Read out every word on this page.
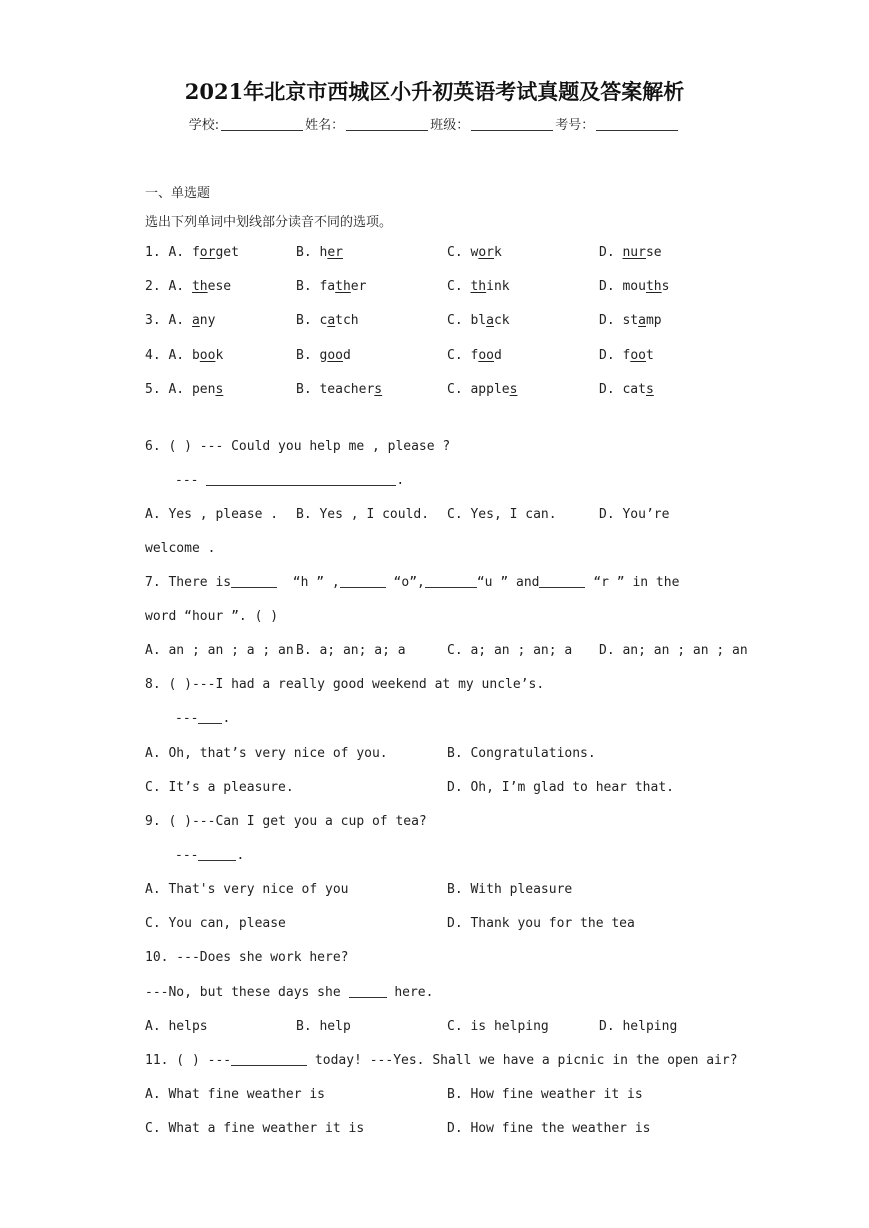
2021年北京市西城区小升初英语考试真题及答案解析
学校:	姓名：	班级：	考号：
一、单选题
选出下列单词中划线部分读音不同的选项。
1. A. forget	B. her	C. work	D. nurse
2. A. these	B. father	C. think	D. mouths
3. A. any	B. catch	C. black	D. stamp
4. A. book	B. good	C. food	D. foot
5. A. pens	B. teachers	C. apples	D. cats
6. ( ) --- Could you help me , please ?
---	.
A. Yes , please . B. Yes , I could. C. Yes, I can.	D. You’re
welcome .
7. There is	“h ” ,	“o”,	“u ” and	“r ” in the
word “hour ”. ( )
A. an ; an ; a ; an B. a; an; a; a	C. a; an ; an; a D. an; an ; an ; an
8. ( )---I had a really good weekend at my uncle’s.
--- .
A. Oh, that’s very nice of you.	B. Congratulations.
C. It’s a pleasure.	D. Oh, I’m glad to hear that.
9. ( )---Can I get you a cup of tea?
---	.
A. That's very nice of you	B. With pleasure
C. You can, please	D. Thank you for the tea
10. ---Does she work here?
---No, but these days she	here.
A. helps	B. help	C. is helping	D. helping
11. ( ) ---	today! ---Yes. Shall we have a picnic in the open air?
A. What fine weather is	B. How fine weather it is
C. What a fine weather it is	D. How fine the weather is
